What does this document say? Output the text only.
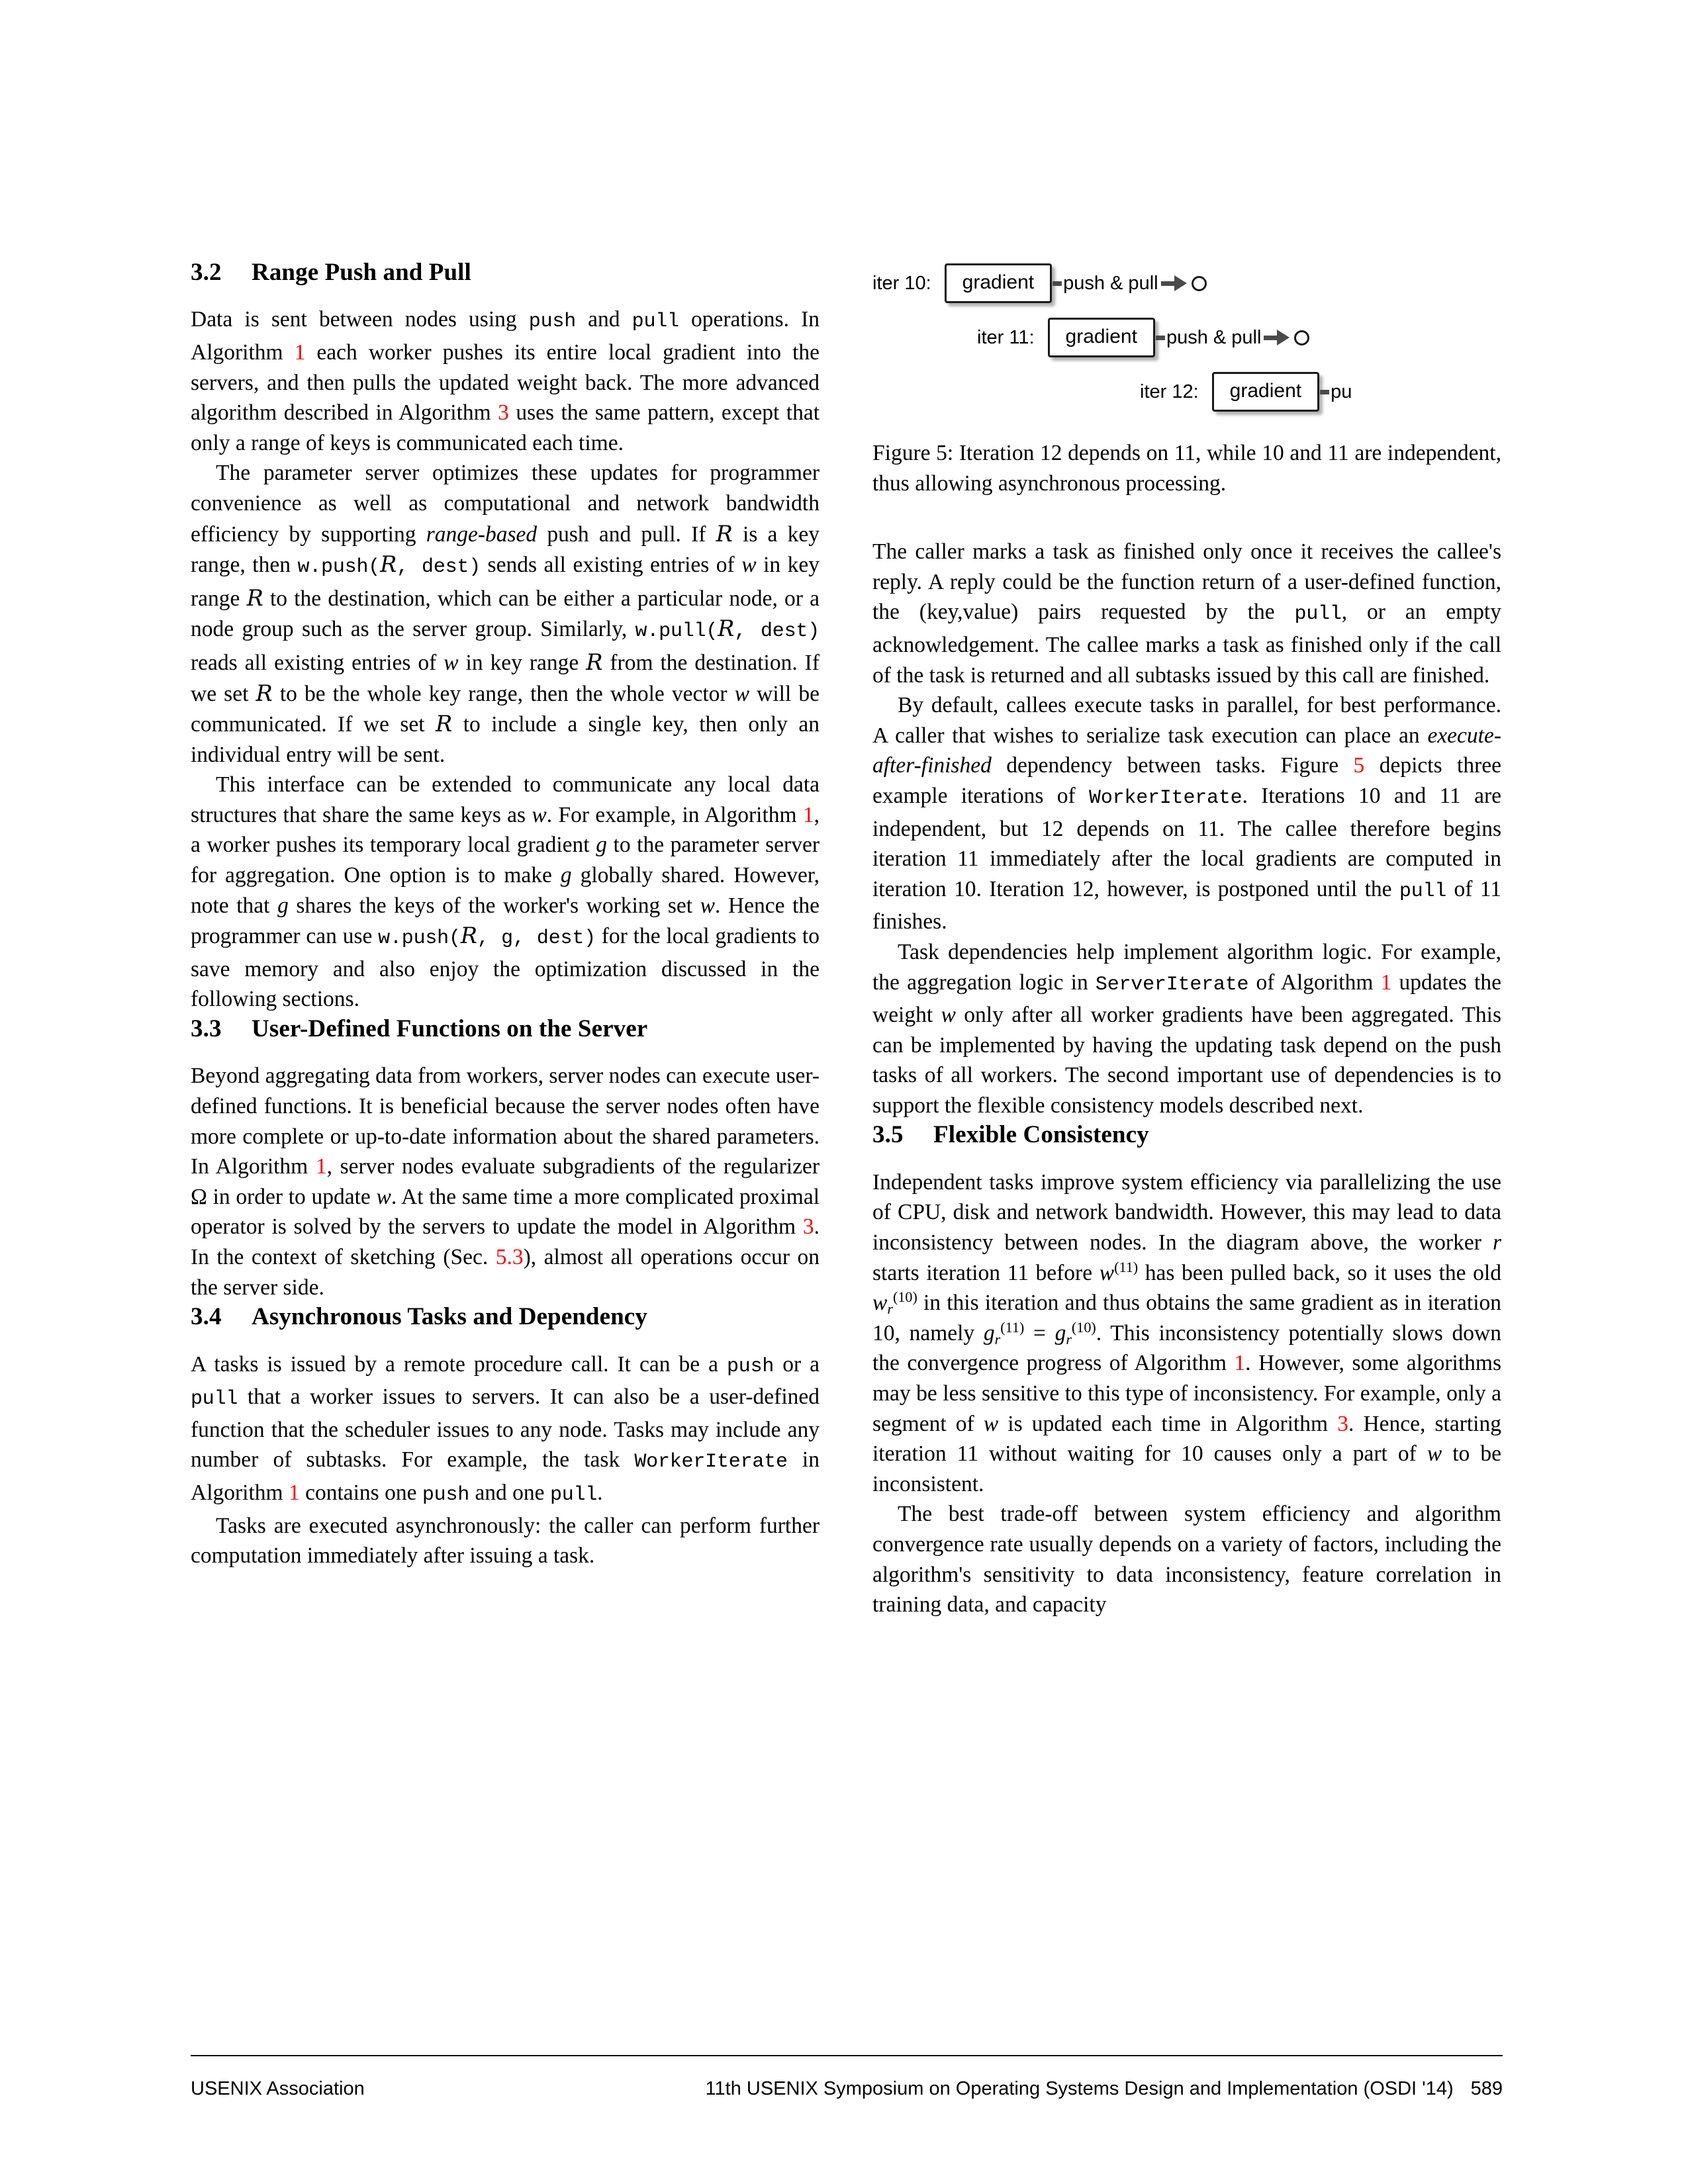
3.2 Range Push and Pull

Data is sent between nodes using push and pull operations. In Algorithm 1 each worker pushes its entire local gradient into the servers, and then pulls the updated weight back. The more advanced algorithm described in Algorithm 3 uses the same pattern, except that only a range of keys is communicated each time.

The parameter server optimizes these updates for programmer convenience as well as computational and network bandwidth efficiency by supporting range-based push and pull. If R is a key range, then w.push(R, dest) sends all existing entries of w in key range R to the destination, which can be either a particular node, or a node group such as the server group. Similarly, w.pull(R, dest) reads all existing entries of w in key range R from the destination. If we set R to be the whole key range, then the whole vector w will be communicated. If we set R to include a single key, then only an individual entry will be sent.

This interface can be extended to communicate any local data structures that share the same keys as w. For example, in Algorithm 1, a worker pushes its temporary local gradient g to the parameter server for aggregation. One option is to make g globally shared. However, note that g shares the keys of the worker's working set w. Hence the programmer can use w.push(R, g, dest) for the local gradients to save memory and also enjoy the optimization discussed in the following sections.

3.3 User-Defined Functions on the Server

Beyond aggregating data from workers, server nodes can execute user-defined functions. It is beneficial because the server nodes often have more complete or up-to-date information about the shared parameters. In Algorithm 1, server nodes evaluate subgradients of the regularizer Ω in order to update w. At the same time a more complicated proximal operator is solved by the servers to update the model in Algorithm 3. In the context of sketching (Sec. 5.3), almost all operations occur on the server side.

3.4 Asynchronous Tasks and Dependency

A tasks is issued by a remote procedure call. It can be a push or a pull that a worker issues to servers. It can also be a user-defined function that the scheduler issues to any node. Tasks may include any number of subtasks. For example, the task WorkerIterate in Algorithm 1 contains one push and one pull.

Tasks are executed asynchronously: the caller can perform further computation immediately after issuing a task.

iter 10:	gradient	push & pull
iter 11:	gradient	push & pull
iter 12:	gradient	pu

Figure 5: Iteration 12 depends on 11, while 10 and 11 are independent, thus allowing asynchronous processing.

The caller marks a task as finished only once it receives the callee's reply. A reply could be the function return of a user-defined function, the (key,value) pairs requested by the pull, or an empty acknowledgement. The callee marks a task as finished only if the call of the task is returned and all subtasks issued by this call are finished.

By default, callees execute tasks in parallel, for best performance. A caller that wishes to serialize task execution can place an execute-after-finished dependency between tasks. Figure 5 depicts three example iterations of WorkerIterate. Iterations 10 and 11 are independent, but 12 depends on 11. The callee therefore begins iteration 11 immediately after the local gradients are computed in iteration 10. Iteration 12, however, is postponed until the pull of 11 finishes.

Task dependencies help implement algorithm logic. For example, the aggregation logic in ServerIterate of Algorithm 1 updates the weight w only after all worker gradients have been aggregated. This can be implemented by having the updating task depend on the push tasks of all workers. The second important use of dependencies is to support the flexible consistency models described next.

3.5 Flexible Consistency

Independent tasks improve system efficiency via parallelizing the use of CPU, disk and network bandwidth. However, this may lead to data inconsistency between nodes. In the diagram above, the worker r starts iteration 11 before $w^{(11)}$ has been pulled back, so it uses the old $w_r^{(10)}$ in this iteration and thus obtains the same gradient as in iteration 10, namely $g_r^{(11)} = g_r^{(10)}$. This inconsistency potentially slows down the convergence progress of Algorithm 1. However, some algorithms may be less sensitive to this type of inconsistency. For example, only a segment of w is updated each time in Algorithm 3. Hence, starting iteration 11 without waiting for 10 causes only a part of w to be inconsistent.

The best trade-off between system efficiency and algorithm convergence rate usually depends on a variety of factors, including the algorithm's sensitivity to data inconsistency, feature correlation in training data, and capacity

USENIX Association	11th USENIX Symposium on Operating Systems Design and Implementation (OSDI '14) 589
